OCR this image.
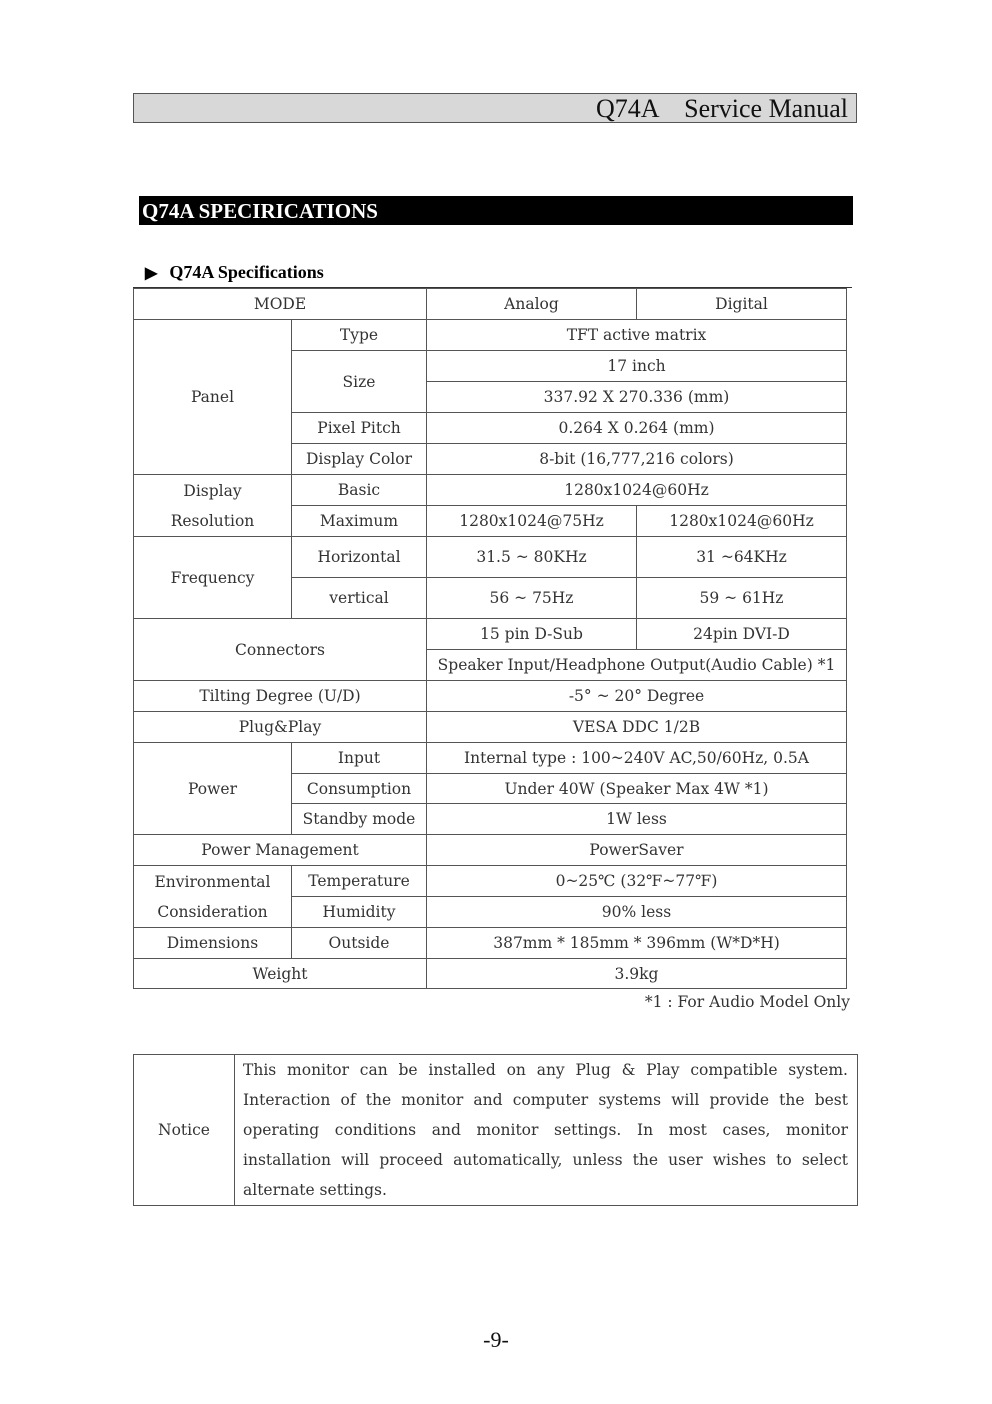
Q74A    Service Manual
Q74A SPECIRICATIONS
▶ Q74A Specifications
MODE		Analog	Digital
Panel	Type	TFT active matrix	
	Size	17 inch	
		337.92 X 270.336 (mm)	
	Pixel Pitch	0.264 X 0.264 (mm)	
	Display Color	8-bit (16,777,216 colors)	
Display
Resolution	Basic	1280x1024@60Hz	
	Maximum	1280x1024@75Hz	1280x1024@60Hz
Frequency	Horizontal	31.5 ~ 80KHz	31 ~64KHz
	vertical	56 ~ 75Hz	59 ~ 61Hz
Connectors		15 pin D-Sub	24pin DVI-D
		Speaker Input/Headphone Output(Audio Cable) *1	
Tilting Degree (U/D)		-5° ~ 20° Degree	
Plug&Play		VESA DDC 1/2B	
Power	Input	Internal type : 100~240V AC,50/60Hz, 0.5A	
	Consumption	Under 40W (Speaker Max 4W *1)	
	Standby mode	1W less	
Power Management		PowerSaver	
Environmental
Consideration	Temperature	0~25℃ (32℉~77℉)	
	Humidity	90% less	
Dimensions	Outside	387mm * 185mm * 396mm (W*D*H)	
Weight		3.9kg	
*1 : For Audio Model Only
Notice	This monitor can be installed on any Plug & Play compatible system. Interaction of the monitor and computer systems will provide the best operating conditions and monitor settings. In most cases, monitor installation will proceed automatically, unless the user wishes to select alternate settings.
-9-
